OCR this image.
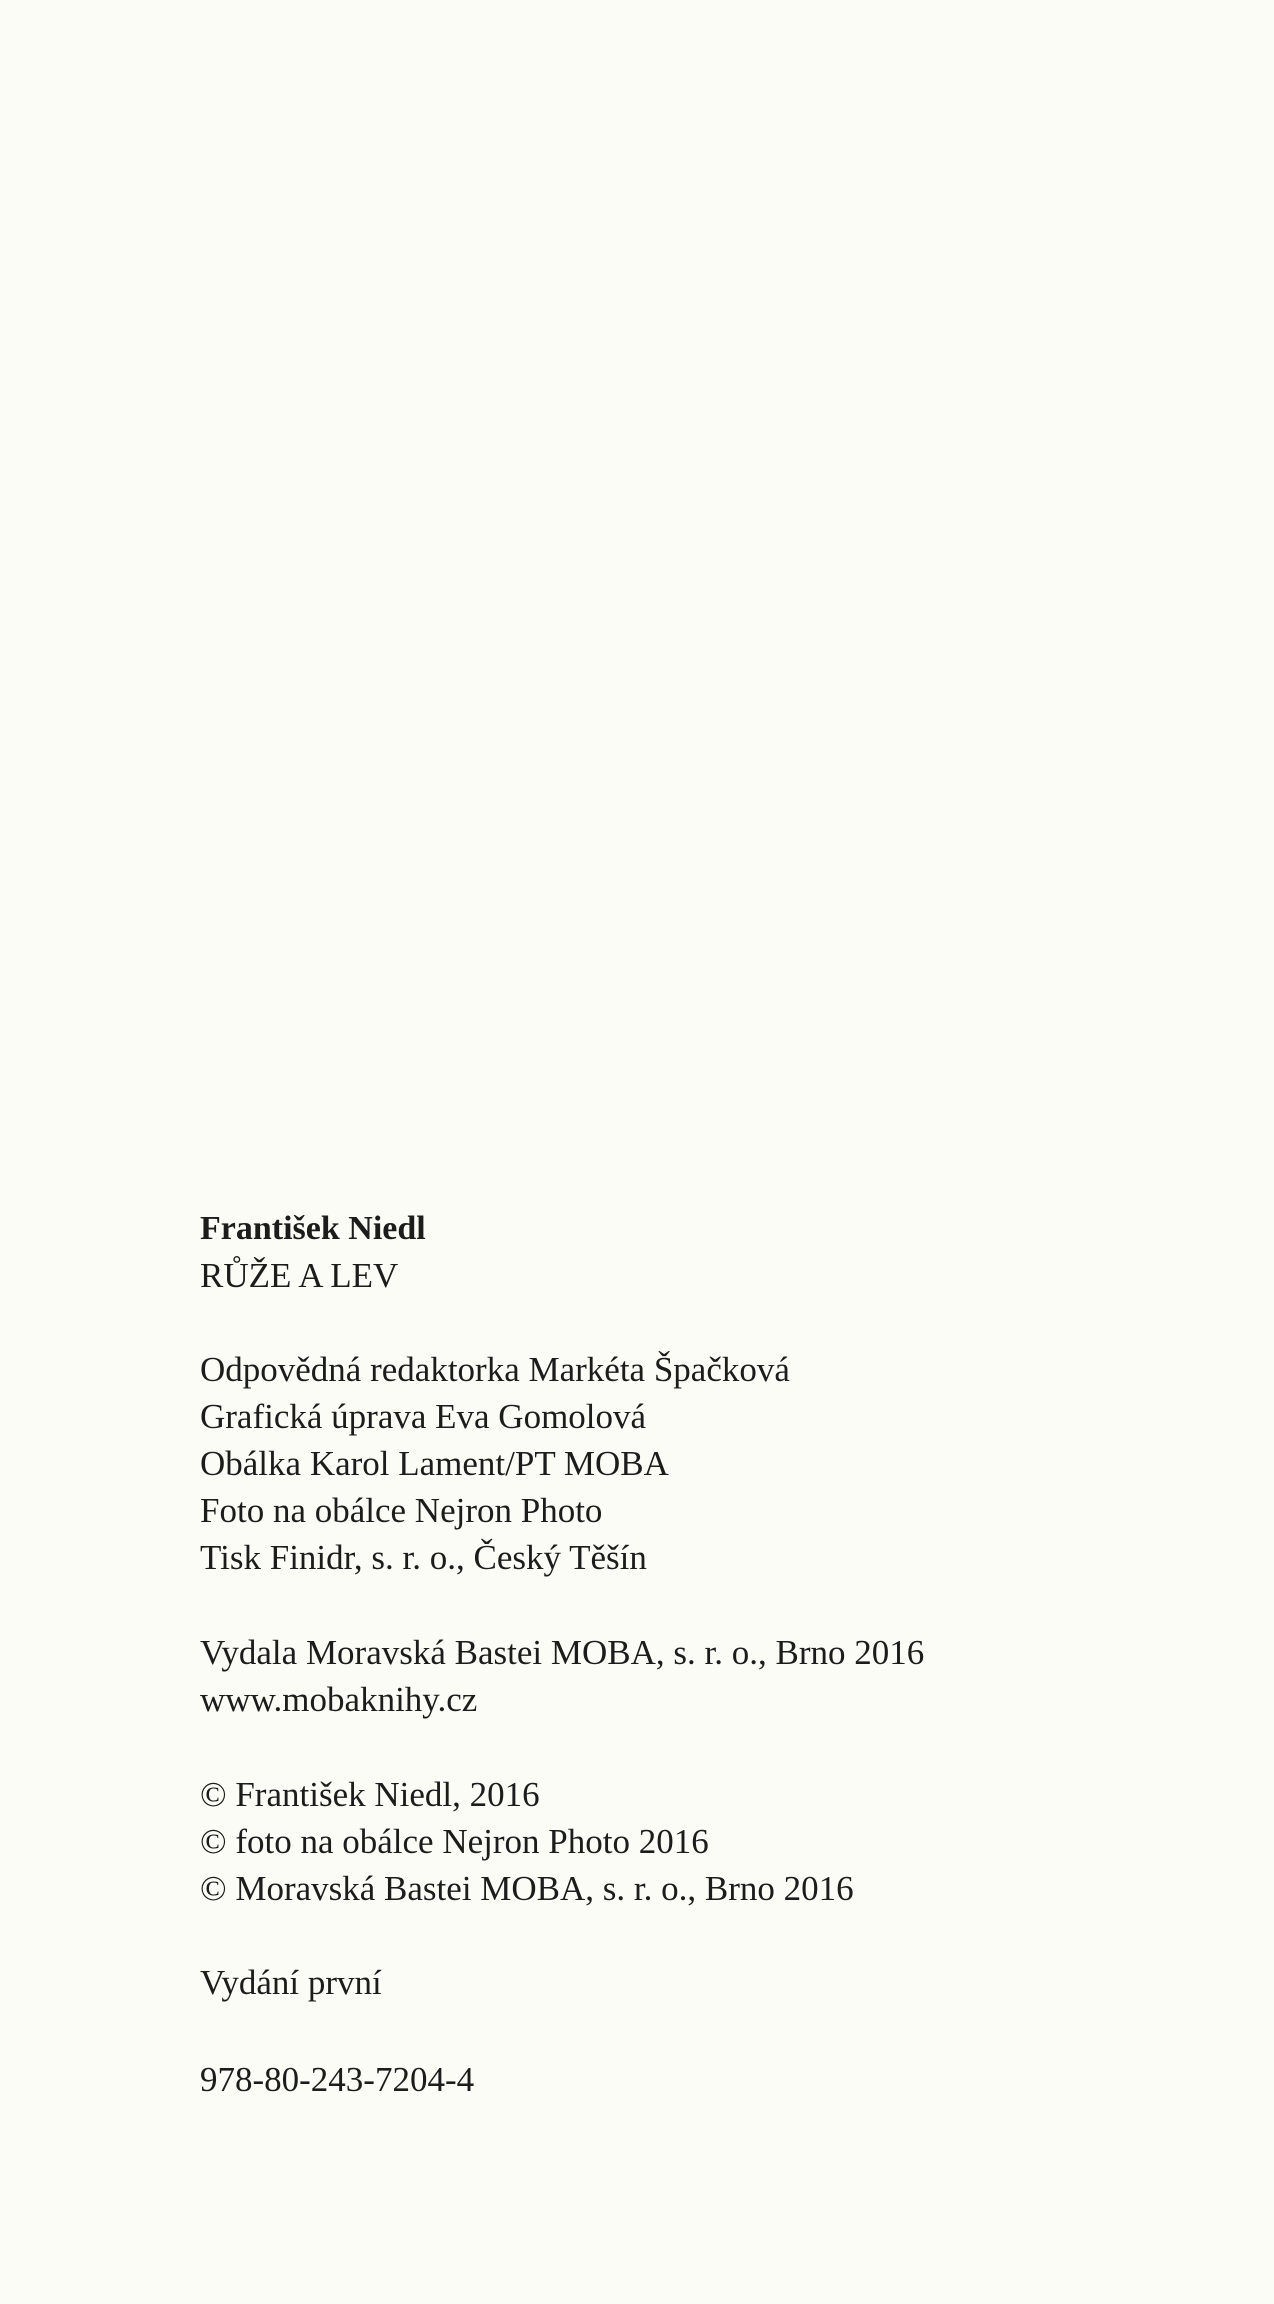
František Niedl
RŮŽE A LEV
Odpovědná redaktorka Markéta Špačková
Grafická úprava Eva Gomolová
Obálka Karol Lament/PT MOBA
Foto na obálce Nejron Photo
Tisk Finidr, s. r. o., Český Těšín
Vydala Moravská Bastei MOBA, s. r. o., Brno 2016
www.mobaknihy.cz
© František Niedl, 2016
© foto na obálce Nejron Photo 2016
© Moravská Bastei MOBA, s. r. o., Brno 2016
Vydání první
978-80-243-7204-4
